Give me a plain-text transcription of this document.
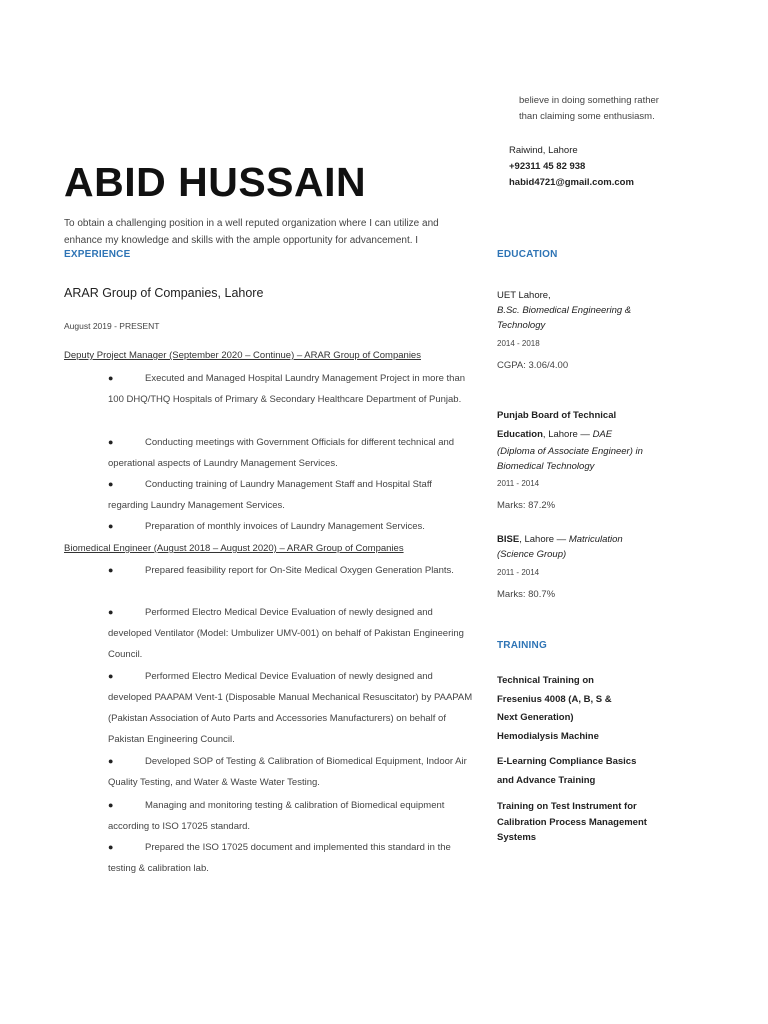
believe in doing something rather than claiming some enthusiasm.
Raiwind, Lahore
+92311 45 82 938
habid4721@gmail.com.com
ABID HUSSAIN
To obtain a challenging position in a well reputed organization where I can utilize and enhance my knowledge and skills with the ample opportunity for advancement. I
EXPERIENCE
ARAR Group of Companies, Lahore
August 2019 - PRESENT
Deputy Project Manager (September 2020 – Continue) – ARAR Group of Companies
●	Executed and Managed Hospital Laundry Management Project in more than 100 DHQ/THQ Hospitals of Primary & Secondary Healthcare Department of Punjab.
●	Conducting meetings with Government Officials for different technical and operational aspects of Laundry Management Services.
●	Conducting training of Laundry Management Staff and Hospital Staff regarding Laundry Management Services.
●	Preparation of monthly invoices of Laundry Management Services.
Biomedical Engineer (August 2018 – August 2020) – ARAR Group of Companies
●	Prepared feasibility report for On-Site Medical Oxygen Generation Plants.
●	Performed Electro Medical Device Evaluation of newly designed and developed Ventilator (Model: Umbulizer UMV-001) on behalf of Pakistan Engineering Council.
●	Performed Electro Medical Device Evaluation of newly designed and developed PAAPAM Vent-1 (Disposable Manual Mechanical Resuscitator) by PAAPAM (Pakistan Association of Auto Parts and Accessories Manufacturers) on behalf of Pakistan Engineering Council.
●	Developed SOP of Testing & Calibration of Biomedical Equipment, Indoor Air Quality Testing, and Water & Waste Water Testing.
●	Managing and monitoring testing & calibration of Biomedical equipment according to ISO 17025 standard.
●	Prepared the ISO 17025 document and implemented this standard in the testing & calibration lab.
EDUCATION
UET Lahore,
B.Sc. Biomedical Engineering & Technology
2014 - 2018
CGPA: 3.06/4.00
Punjab Board of Technical Education, Lahore — DAE
(Diploma of Associate Engineer) in Biomedical Technology
2011 - 2014
Marks: 87.2%
BISE, Lahore — Matriculation
(Science Group)
2011 - 2014
Marks: 80.7%
TRAINING
Technical Training on Fresenius 4008 (A, B, S & Next Generation) Hemodialysis Machine
E-Learning Compliance Basics and Advance Training
Training on Test Instrument for Calibration Process Management Systems
